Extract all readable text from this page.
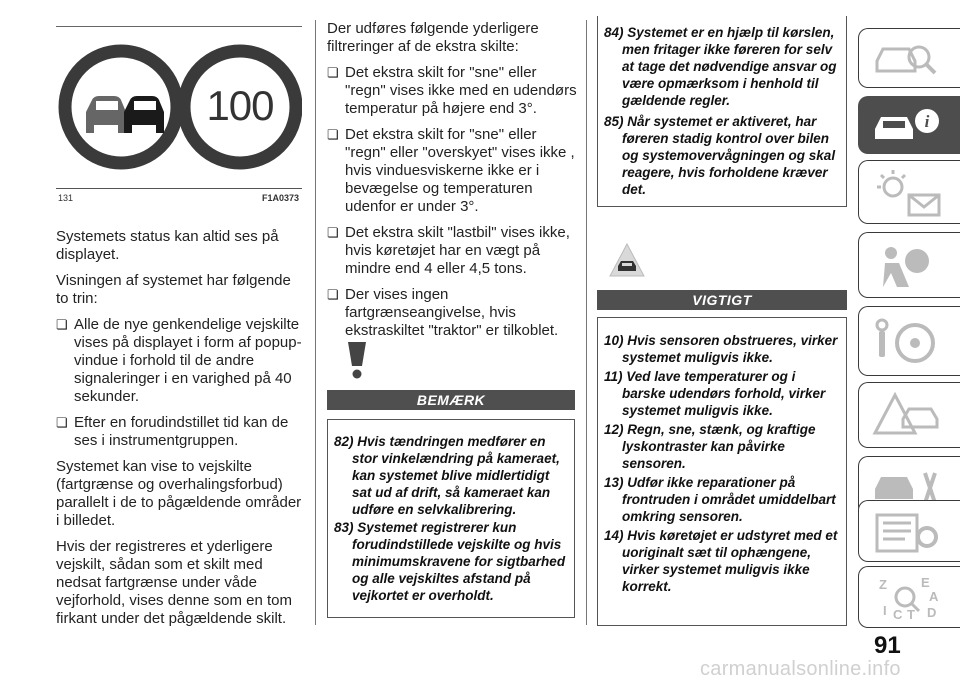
100
131	F1A0373

Systemets status kan altid ses på displayet.

Visningen af systemet har følgende to trin:

❏ Alle de nye genkendelige vejskilte vises på displayet i form af popup-vindue i forhold til de andre signaleringer i en varighed på 40 sekunder.
❏ Efter en forudindstillet tid kan de ses i instrumentgruppen.

Systemet kan vise to vejskilte (fartgrænse og overhalingsforbud) parallelt i de to pågældende områder i billedet.

Hvis der registreres et yderligere vejskilt, sådan som et skilt med nedsat fartgrænse under våde vejforhold, vises denne som en tom firkant under det pågældende skilt.

Der udføres følgende yderligere filtreringer af de ekstra skilte:

❏ Det ekstra skilt for "sne" eller "regn" vises ikke med en udendørs temperatur på højere end 3°.
❏ Det ekstra skilt for "sne" eller "regn" eller "overskyet" vises ikke , hvis vinduesviskerne ikke er i bevægelse og temperaturen udenfor er under 3°.
❏ Det ekstra skilt "lastbil" vises ikke, hvis køretøjet har en vægt på mindre end 4 eller 4,5 tons.
❏ Der vises ingen fartgrænseangivelse, hvis ekstraskiltet "traktor" er tilkoblet.
BEMÆRK
82) Hvis tændringen medfører en stor vinkelændring på kameraet, kan systemet blive midlertidigt sat ud af drift, så kameraet kan udføre en selvkalibrering.
83) Systemet registrerer kun forudindstillede vejskilte og hvis minimumskravene for sigtbarhed og alle vejskiltes afstand på vejkortet er overholdt.
84) Systemet er en hjælp til kørslen, men fritager ikke føreren for selv at tage det nødvendige ansvar og være opmærksom i henhold til gældende regler.
85) Når systemet er aktiveret, har føreren stadig kontrol over bilen og systemovervågningen og skal reagere, hvis forholdene kræver det.
VIGTIGT
10) Hvis sensoren obstrueres, virker systemet muligvis ikke.
11) Ved lave temperaturer og i barske udendørs forhold, virker systemet muligvis ikke.
12) Regn, sne, stænk, og kraftige lyskontraster kan påvirke sensoren.
13) Udfør ikke reparationer på frontruden i området umiddelbart omkring sensoren.
14) Hvis køretøjet er udstyret med et uoriginalt sæt til ophængene, virker systemet muligvis ikke korrekt.
i
Z	E
A
I C T D
91
carmanualsonline.info
